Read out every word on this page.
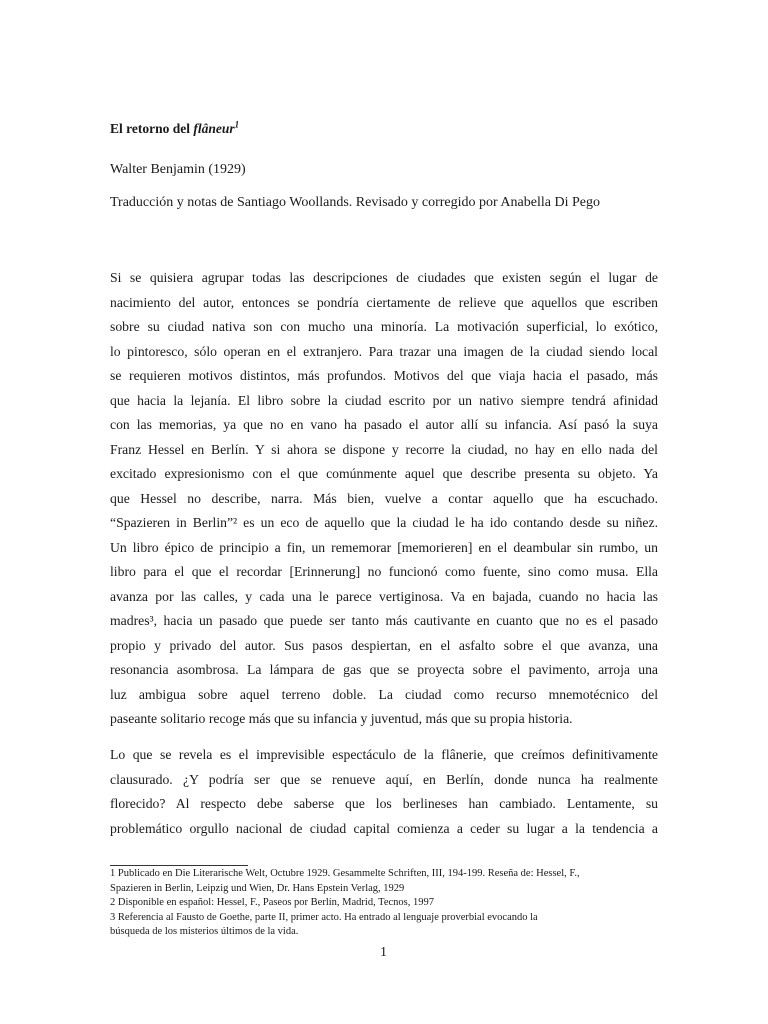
El retorno del flâneur$^1$
Walter Benjamin (1929)
Traducción y notas de Santiago Woollands. Revisado y corregido por Anabella Di Pego
Si se quisiera agrupar todas las descripciones de ciudades que existen según el lugar de
nacimiento del autor, entonces se pondría ciertamente de relieve que aquellos que escriben
sobre su ciudad nativa son con mucho una minoría. La motivación superficial, lo exótico,
lo pintoresco, sólo operan en el extranjero. Para trazar una imagen de la ciudad siendo local
se requieren motivos distintos, más profundos. Motivos del que viaja hacia el pasado, más
que hacia la lejanía. El libro sobre la ciudad escrito por un nativo siempre tendrá afinidad
con las memorias, ya que no en vano ha pasado el autor allí su infancia. Así pasó la suya
Franz Hessel en Berlín. Y si ahora se dispone y recorre la ciudad, no hay en ello nada del
excitado expresionismo con el que comúnmente aquel que describe presenta su objeto. Ya
que Hessel no describe, narra. Más bien, vuelve a contar aquello que ha escuchado.
“Spazieren in Berlin”² es un eco de aquello que la ciudad le ha ido contando desde su niñez.
Un libro épico de principio a fin, un rememorar [memorieren] en el deambular sin rumbo, un
libro para el que el recordar [Erinnerung] no funcionó como fuente, sino como musa. Ella
avanza por las calles, y cada una le parece vertiginosa. Va en bajada, cuando no hacia las
madres³, hacia un pasado que puede ser tanto más cautivante en cuanto que no es el pasado
propio y privado del autor. Sus pasos despiertan, en el asfalto sobre el que avanza, una
resonancia asombrosa. La lámpara de gas que se proyecta sobre el pavimento, arroja una
luz ambigua sobre aquel terreno doble. La ciudad como recurso mnemotécnico del
paseante solitario recoge más que su infancia y juventud, más que su propia historia.
Lo que se revela es el imprevisible espectáculo de la flânerie, que creímos definitivamente
clausurado. ¿Y podría ser que se renueve aquí, en Berlín, donde nunca ha realmente
florecido? Al respecto debe saberse que los berlineses han cambiado. Lentamente, su
problemático orgullo nacional de ciudad capital comienza a ceder su lugar a la tendencia a
1 Publicado en Die Literarische Welt, Octubre 1929. Gesammelte Schriften, III, 194-199. Reseña de: Hessel, F.,
Spazieren in Berlin, Leipzig und Wien, Dr. Hans Epstein Verlag, 1929
2 Disponible en español: Hessel, F., Paseos por Berlín, Madrid, Tecnos, 1997
3 Referencia al Fausto de Goethe, parte II, primer acto. Ha entrado al lenguaje proverbial evocando la
búsqueda de los misterios últimos de la vida.
1
